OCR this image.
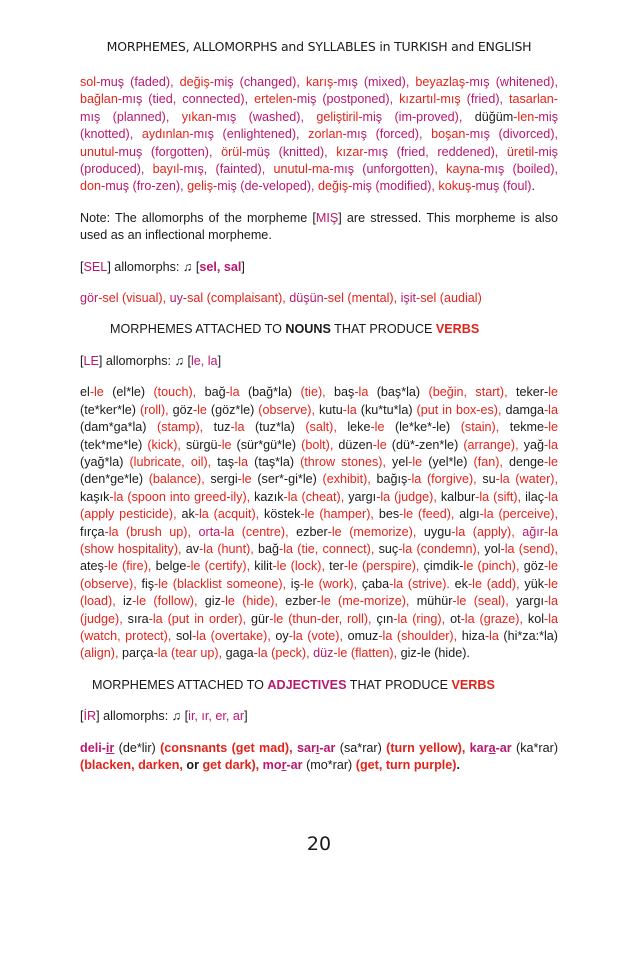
MORPHEMES, ALLOMORPHS and SYLLABLES in TURKISH and ENGLISH

sol-muş (faded), değiş-miş (changed), karış-mış (mixed), beyazlaş-mış (whitened), bağlan-mış (tied, connected), ertelen-miş (postponed), kızartıl-mış (fried), tasarlan-mış (planned), yıkan-mış (washed), geliştiril-miş (im-proved), düğüm-len-miş (knotted), aydınlan-mış (enlightened), zorlan-mış (forced), boşan-mış (divorced), unutul-muş (forgotten), örül-müş (knitted), kızar-mış (fried, reddened), üretil-miş (produced), bayıl-mış, (fainted), unutul-ma-mış (unforgotten), kayna-mış (boiled), don-muş (fro-zen), geliş-miş (de-veloped), değiş-miş (modified), kokuş-muş (foul).

Note: The allomorphs of the morpheme [MIŞ] are stressed. This morpheme is also used as an inflectional morpheme.

[SEL] allomorphs: ♫ [sel, sal]

gör-sel (visual), uy-sal (complaisant), düşün-sel (mental), işit-sel (audial)

MORPHEMES ATTACHED TO NOUNS THAT PRODUCE VERBS

[LE] allomorphs: ♫ [le, la]

el-le (el*le) (touch), bağ-la (bağ*la) (tie), baş-la (baş*la) (beğin, start), teker-le (te*ker*le) (roll), göz-le (göz*le) (observe), kutu-la (ku*tu*la) (put in box-es), damga-la (dam*ga*la) (stamp), tuz-la (tuz*la) (salt), leke-le (le*ke*-le) (stain), tekme-le (tek*me*le) (kick), sürgü-le (sür*gü*le) (bolt), düzen-le (dü*-zen*le) (arrange), yağ-la (yağ*la) (lubricate, oil), taş-la (taş*la) (throw stones), yel-le (yel*le) (fan), denge-le (den*ge*le) (balance), sergi-le (ser*-gi*le) (exhibit), bağış-la (forgive), su-la (water), kaşık-la (spoon into greed-ily), kazık-la (cheat), yargı-la (judge), kalbur-la (sift), ilaç-la (apply pesticide), ak-la (acquit), köstek-le (hamper), bes-le (feed), algı-la (perceive), fırça-la (brush up), orta-la (centre), ezber-le (memorize), uygu-la (apply), ağır-la (show hospitality), av-la (hunt), bağ-la (tie, connect), suç-la (condemn), yol-la (send), ateş-le (fire), belge-le (certify), kilit-le (lock), ter-le (perspire), çimdik-le (pinch), göz-le (observe), fiş-le (blacklist someone), iş-le (work), çaba-la (strive). ek-le (add), yük-le (load), iz-le (follow), giz-le (hide), ezber-le (me-morize), mühür-le (seal), yargı-la (judge), sıra-la (put in order), gür-le (thun-der, roll), çın-la (ring), ot-la (graze), kol-la (watch, protect), sol-la (overtake), oy-la (vote), omuz-la (shoulder), hiza-la (hi*za:*la) (align), parça-la (tear up), gaga-la (peck), düz-le (flatten), giz-le (hide).

MORPHEMES ATTACHED TO ADJECTIVES THAT PRODUCE VERBS

[İR] allomorphs: ♫ [ir, ır, er, ar]

deli-ir (de*lir) (consnants (get mad), sarı-ar (sa*rar) (turn yellow), kara-ar (ka*rar) (blacken, darken, or get dark), mor-ar (mo*rar) (get, turn purple).

20
